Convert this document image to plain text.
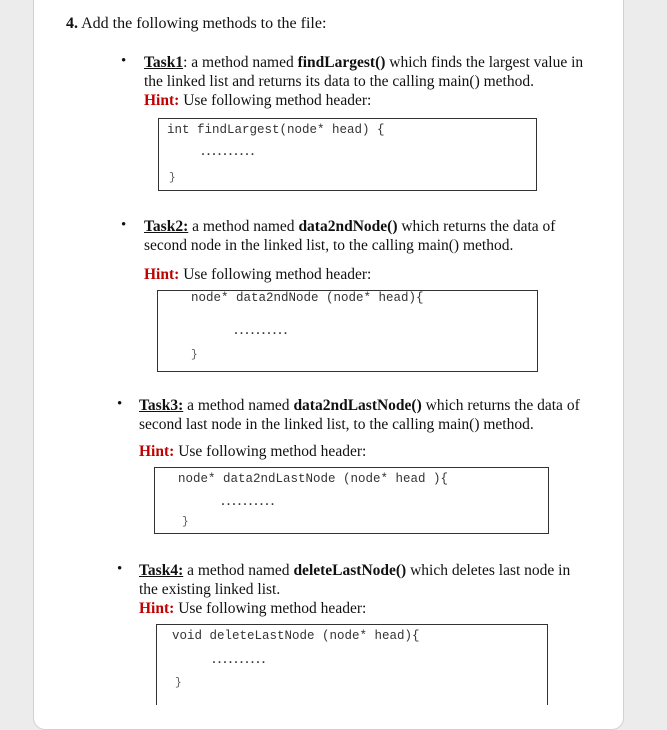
4. Add the following methods to the file:
• Task1: a method named findLargest() which finds the largest value in
the linked list and returns its data to the calling main() method.
Hint: Use following method header:
int findLargest(node* head) {
..........
}
• Task2: a method named data2ndNode() which returns the data of
second node in the linked list, to the calling main() method.
Hint: Use following method header:
node* data2ndNode (node* head){
..........
}
• Task3: a method named data2ndLastNode() which returns the data of
second last node in the linked list, to the calling main() method.
Hint: Use following method header:
node* data2ndLastNode (node* head ){
..........
}
• Task4: a method named deleteLastNode() which deletes last node in
the existing linked list.
Hint: Use following method header:
void deleteLastNode (node* head){
..........
}
